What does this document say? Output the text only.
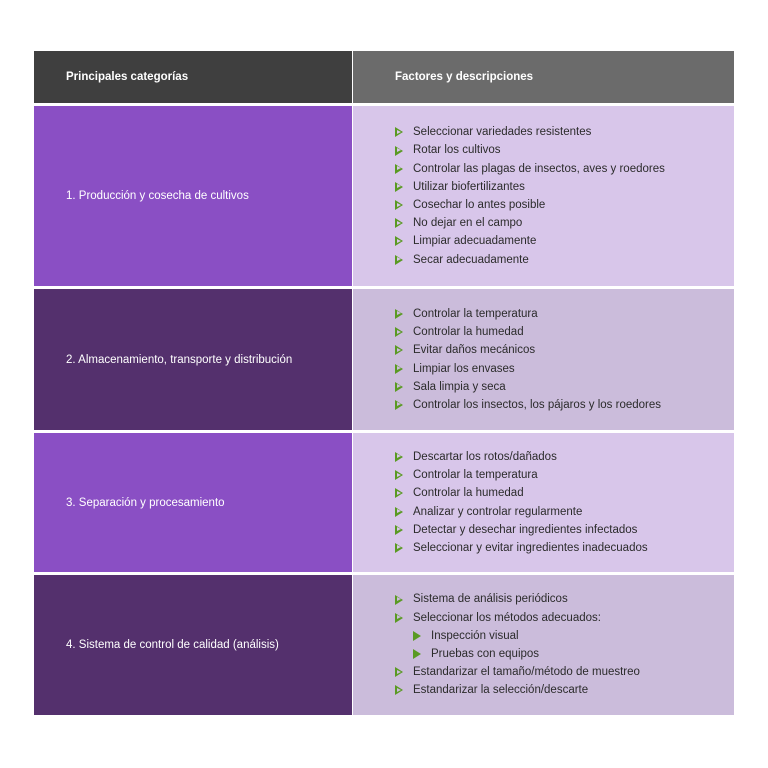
Principales categorías	Factores y descripciones
1. Producción y cosecha de cultivos
Seleccionar variedades resistentes
Rotar los cultivos
Controlar las plagas de insectos, aves y roedores
Utilizar biofertilizantes
Cosechar lo antes posible
No dejar en el campo
Limpiar adecuadamente
Secar adecuadamente
2. Almacenamiento, transporte y distribución
Controlar la temperatura
Controlar la humedad
Evitar daños mecánicos
Limpiar los envases
Sala limpia y seca
Controlar los insectos, los pájaros y los roedores
3. Separación y procesamiento
Descartar los rotos/dañados
Controlar la temperatura
Controlar la humedad
Analizar y controlar regularmente
Detectar y desechar ingredientes infectados
Seleccionar y evitar ingredientes inadecuados
4. Sistema de control de calidad (análisis)
Sistema de análisis periódicos
Seleccionar los métodos adecuados:
Inspección visual
Pruebas con equipos
Estandarizar el tamaño/método de muestreo
Estandarizar la selección/descarte
